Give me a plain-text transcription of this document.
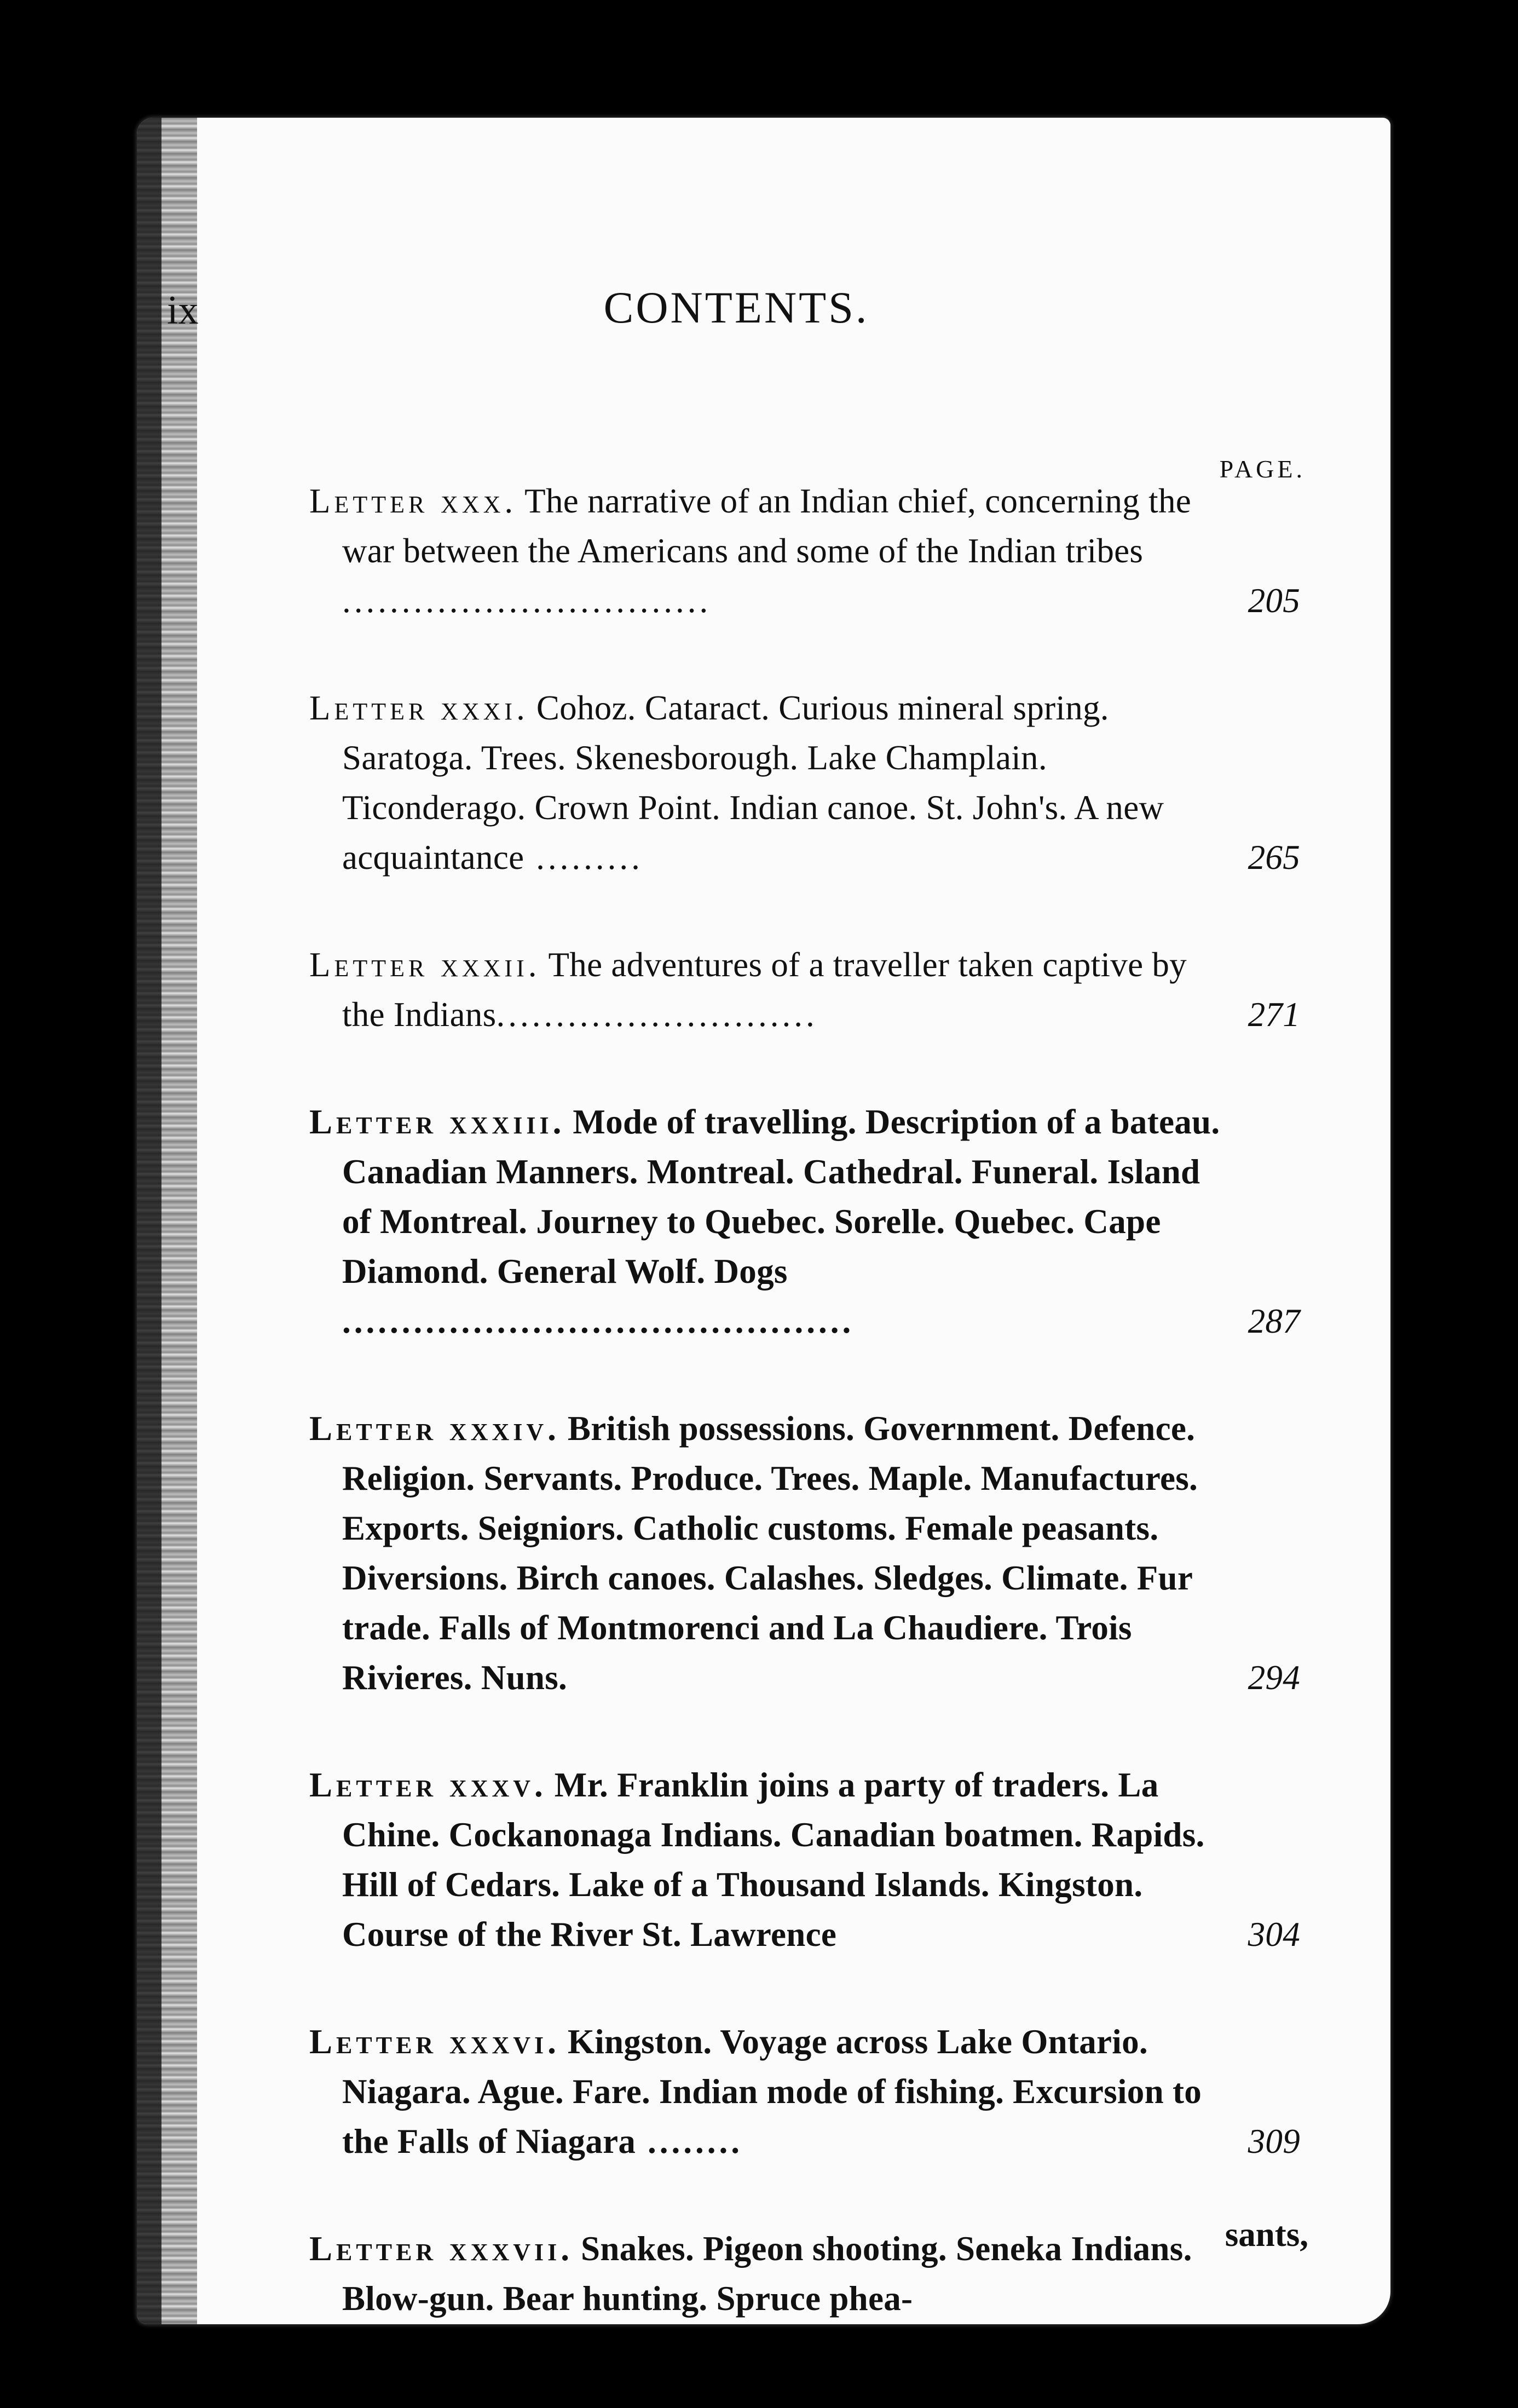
ix	CONTENTS.
PAGE.
Letter xxx. The narrative of an Indian chief, concerning the war between the Americans and some of the Indian tribes ...............................	205
Letter xxxi. Cohoz. Cataract. Curious mineral spring. Saratoga. Trees. Skenesborough. Lake Champlain. Ticonderago. Crown Point. Indian canoe. St. John's. A new acquaintance .........	265
Letter xxxii. The adventures of a traveller taken captive by the Indians...........................	271
Letter xxxiii. Mode of travelling. Description of a bateau. Canadian Manners. Montreal. Cathedral. Funeral. Island of Montreal. Journey to Quebec. Sorelle. Quebec. Cape Diamond. General Wolf. Dogs ...........................................	287
Letter xxxiv. British possessions. Government. Defence. Religion. Servants. Produce. Trees. Maple. Manufactures. Exports. Seigniors. Catholic customs. Female peasants. Diversions. Birch canoes. Calashes. Sledges. Climate. Fur trade. Falls of Montmorenci and La Chaudiere. Trois Rivieres. Nuns.	294
Letter xxxv. Mr. Franklin joins a party of traders. La Chine. Cockanonaga Indians. Canadian boatmen. Rapids. Hill of Cedars. Lake of a Thousand Islands. Kingston. Course of the River St. Lawrence	304
Letter xxxvi. Kingston. Voyage across Lake Ontario. Niagara. Ague. Fare. Indian mode of fishing. Excursion to the Falls of Niagara ........	309
Letter xxxvii. Snakes. Pigeon shooting. Seneka Indians. Blow-gun. Bear hunting. Spruce phea-
sants,
